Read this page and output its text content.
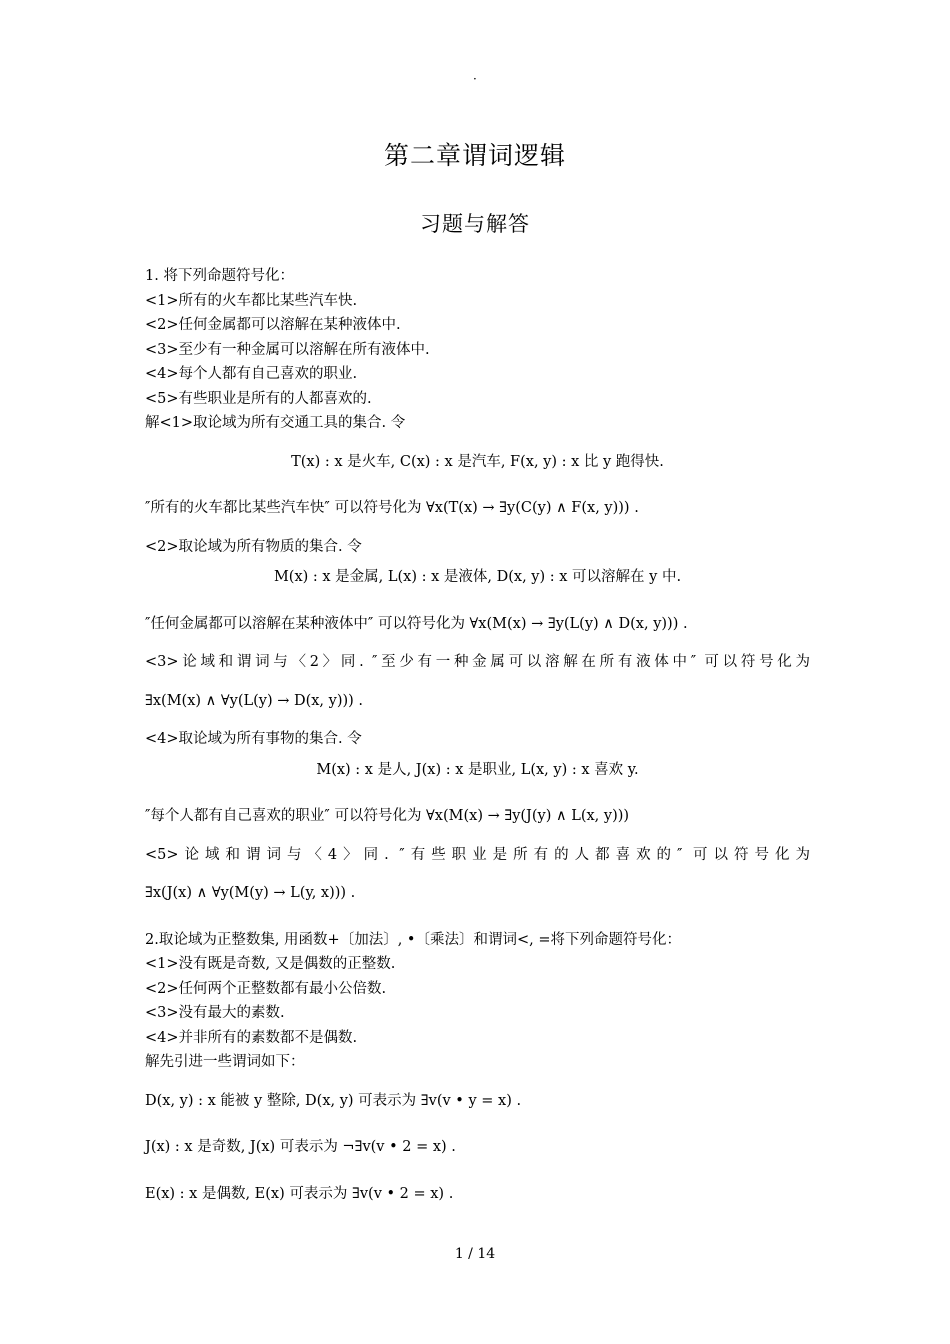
·
第二章谓词逻辑
习题与解答
1. 将下列命题符号化：
<1>所有的火车都比某些汽车快.
<2>任何金属都可以溶解在某种液体中.
<3>至少有一种金属可以溶解在所有液体中.
<4>每个人都有自己喜欢的职业.
<5>有些职业是所有的人都喜欢的.
解<1>取论域为所有交通工具的集合. 令
T(x) : x 是火车, C(x) : x 是汽车, F(x, y) : x 比 y 跑得快.
″所有的火车都比某些汽车快″ 可以符号化为 ∀x(T(x) → ∃y(C(y) ∧ F(x, y))) .
<2>取论域为所有物质的集合. 令
M(x) : x 是金属, L(x) : x 是液体, D(x, y) : x 可以溶解在 y 中.
″任何金属都可以溶解在某种液体中″ 可以符号化为 ∀x(M(x) → ∃y(L(y) ∧ D(x, y))) .
<3>论域和谓词与〈2〉同. ″至少有一种金属可以溶解在所有液体中″ 可以符号化为
∃x(M(x) ∧ ∀y(L(y) → D(x, y))) .
<4>取论域为所有事物的集合. 令
M(x) : x 是人, J(x) : x 是职业, L(x, y) : x 喜欢 y.
″每个人都有自己喜欢的职业″ 可以符号化为 ∀x(M(x) → ∃y(J(y) ∧ L(x, y)))
<5>论域和谓词与〈4〉同. ″有些职业是所有的人都喜欢的″ 可以符号化为
∃x(J(x) ∧ ∀y(M(y) → L(y, x))) .
2.取论域为正整数集, 用函数+〔加法〕, •〔乘法〕和谓词<, =将下列命题符号化：
<1>没有既是奇数, 又是偶数的正整数.
<2>任何两个正整数都有最小公倍数.
<3>没有最大的素数.
<4>并非所有的素数都不是偶数.
解先引进一些谓词如下：
D(x, y) : x 能被 y 整除, D(x, y) 可表示为 ∃v(v • y = x) .
J(x) : x 是奇数, J(x) 可表示为 ¬∃v(v • 2 = x) .
E(x) : x 是偶数, E(x) 可表示为 ∃v(v • 2 = x) .
1 / 14
